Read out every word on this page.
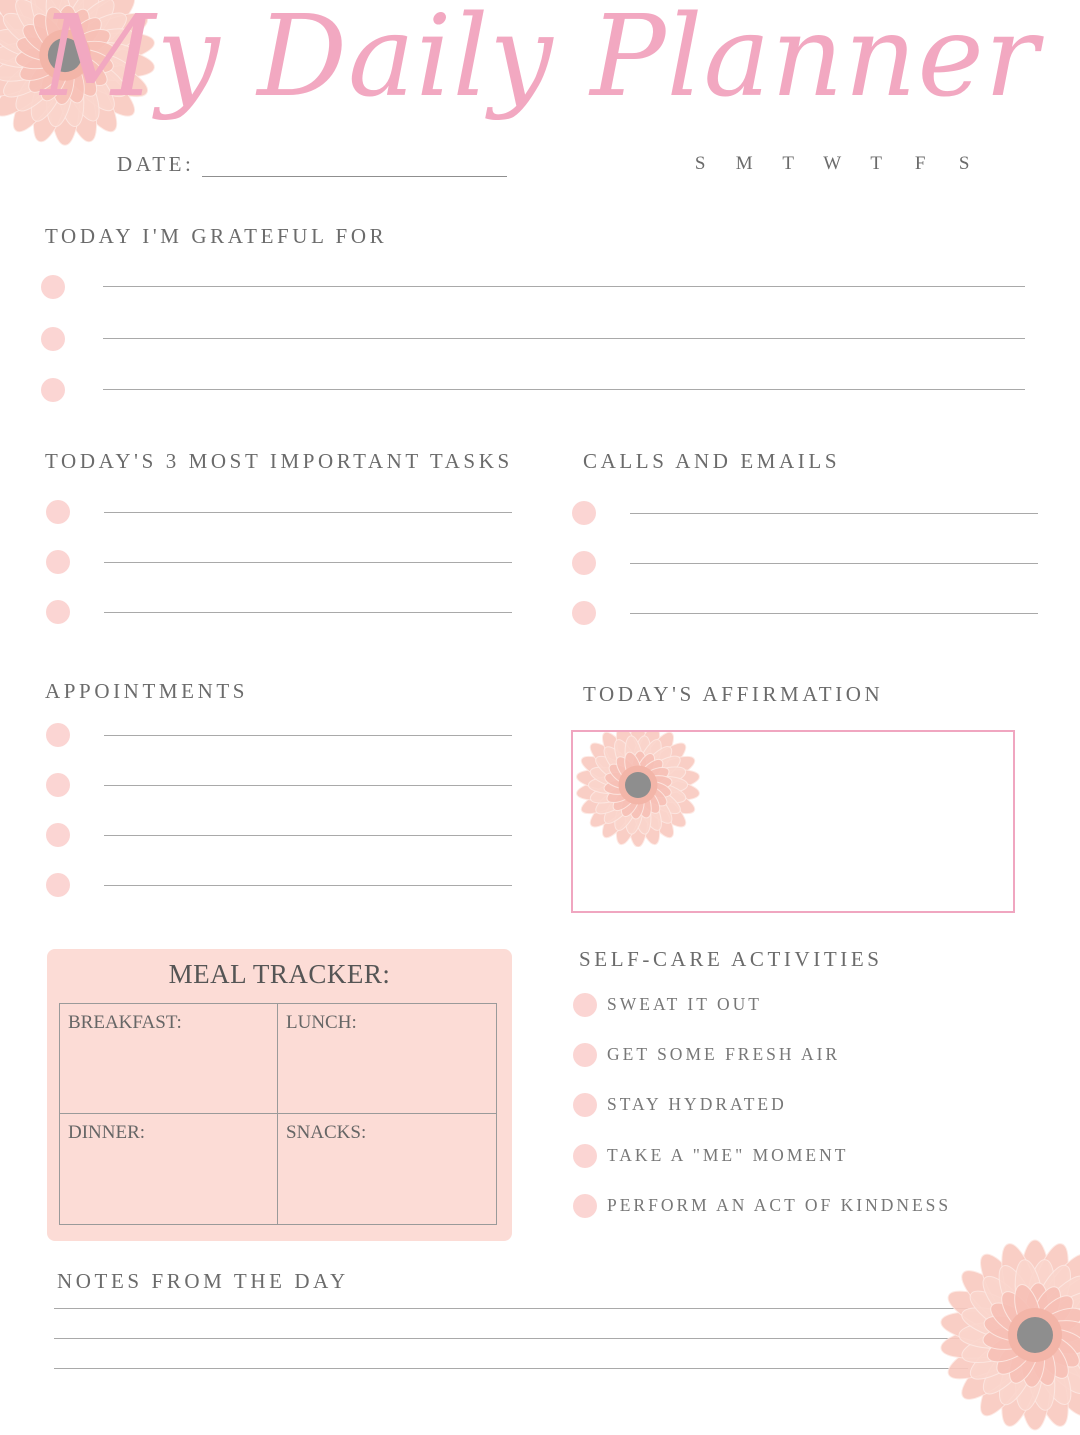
My Daily Planner
DATE:	S M T W T F S
TODAY I'M GRATEFUL FOR
TODAY'S 3 MOST IMPORTANT TASKS	CALLS AND EMAILS
APPOINTMENTS	TODAY'S AFFIRMATION
MEAL TRACKER:
BREAKFAST:	LUNCH:
DINNER:	SNACKS:
SELF-CARE ACTIVITIES
SWEAT IT OUT
GET SOME FRESH AIR
STAY HYDRATED
TAKE A "ME" MOMENT
PERFORM AN ACT OF KINDNESS
NOTES FROM THE DAY
